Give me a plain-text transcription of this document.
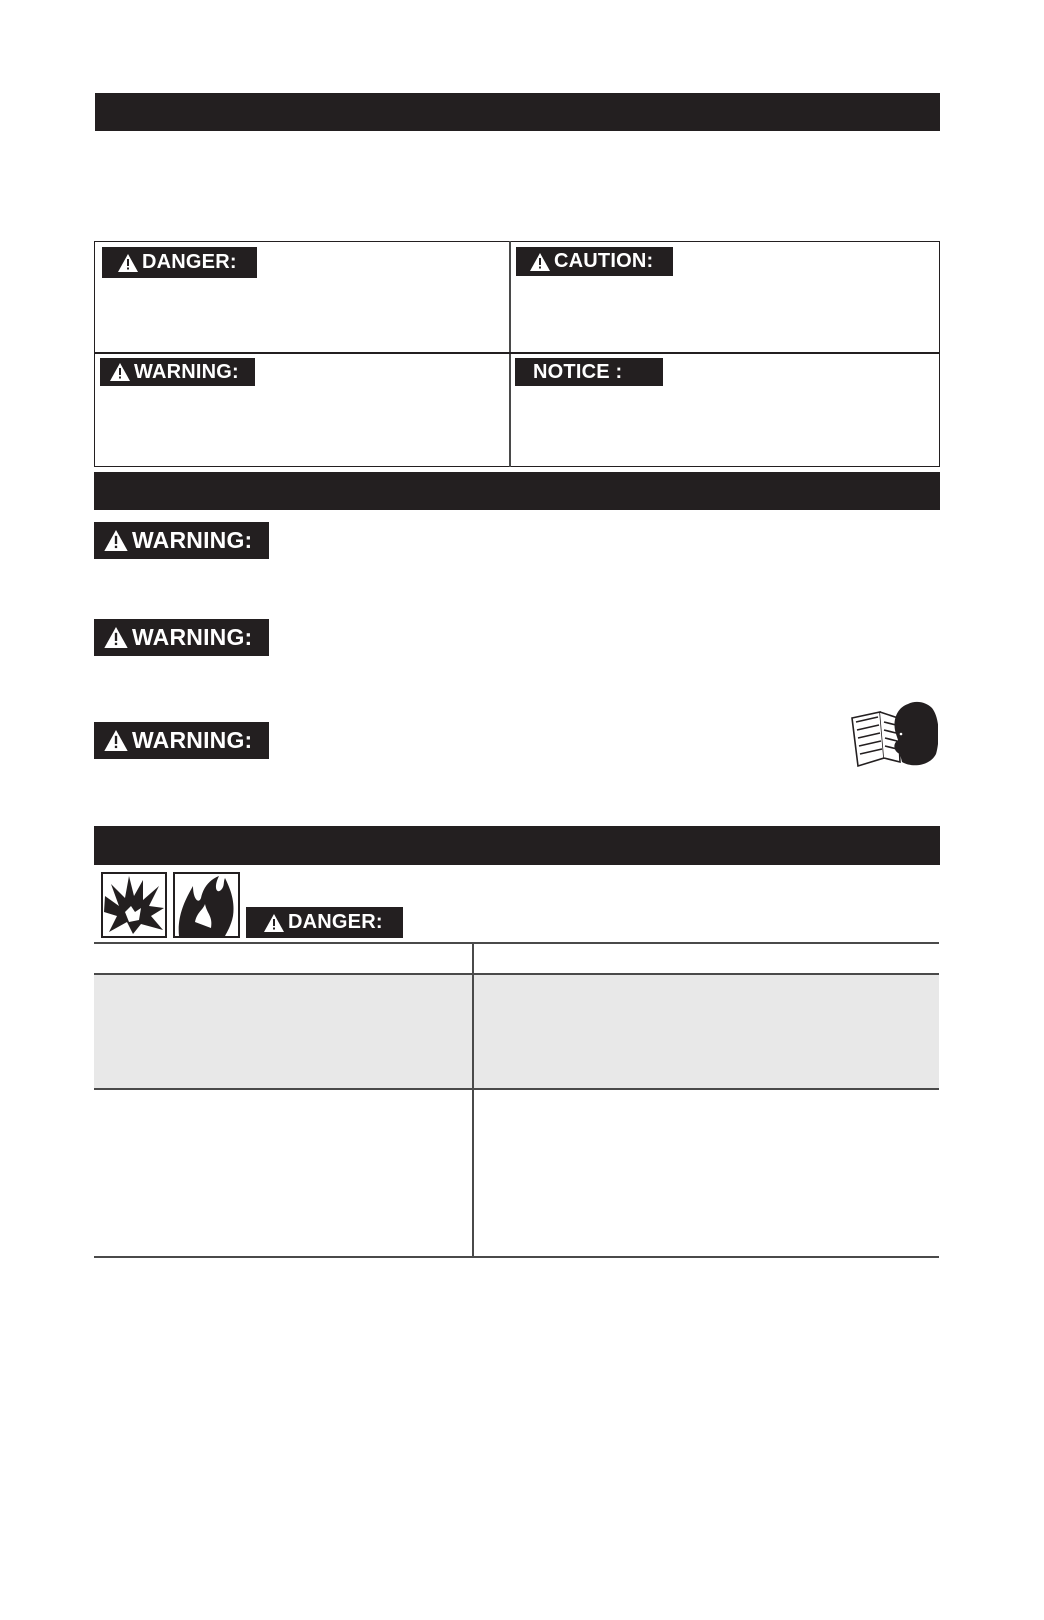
DANGER:	CAUTION:
WARNING:	NOTICE :
WARNING:
WARNING:
WARNING:
DANGER:
